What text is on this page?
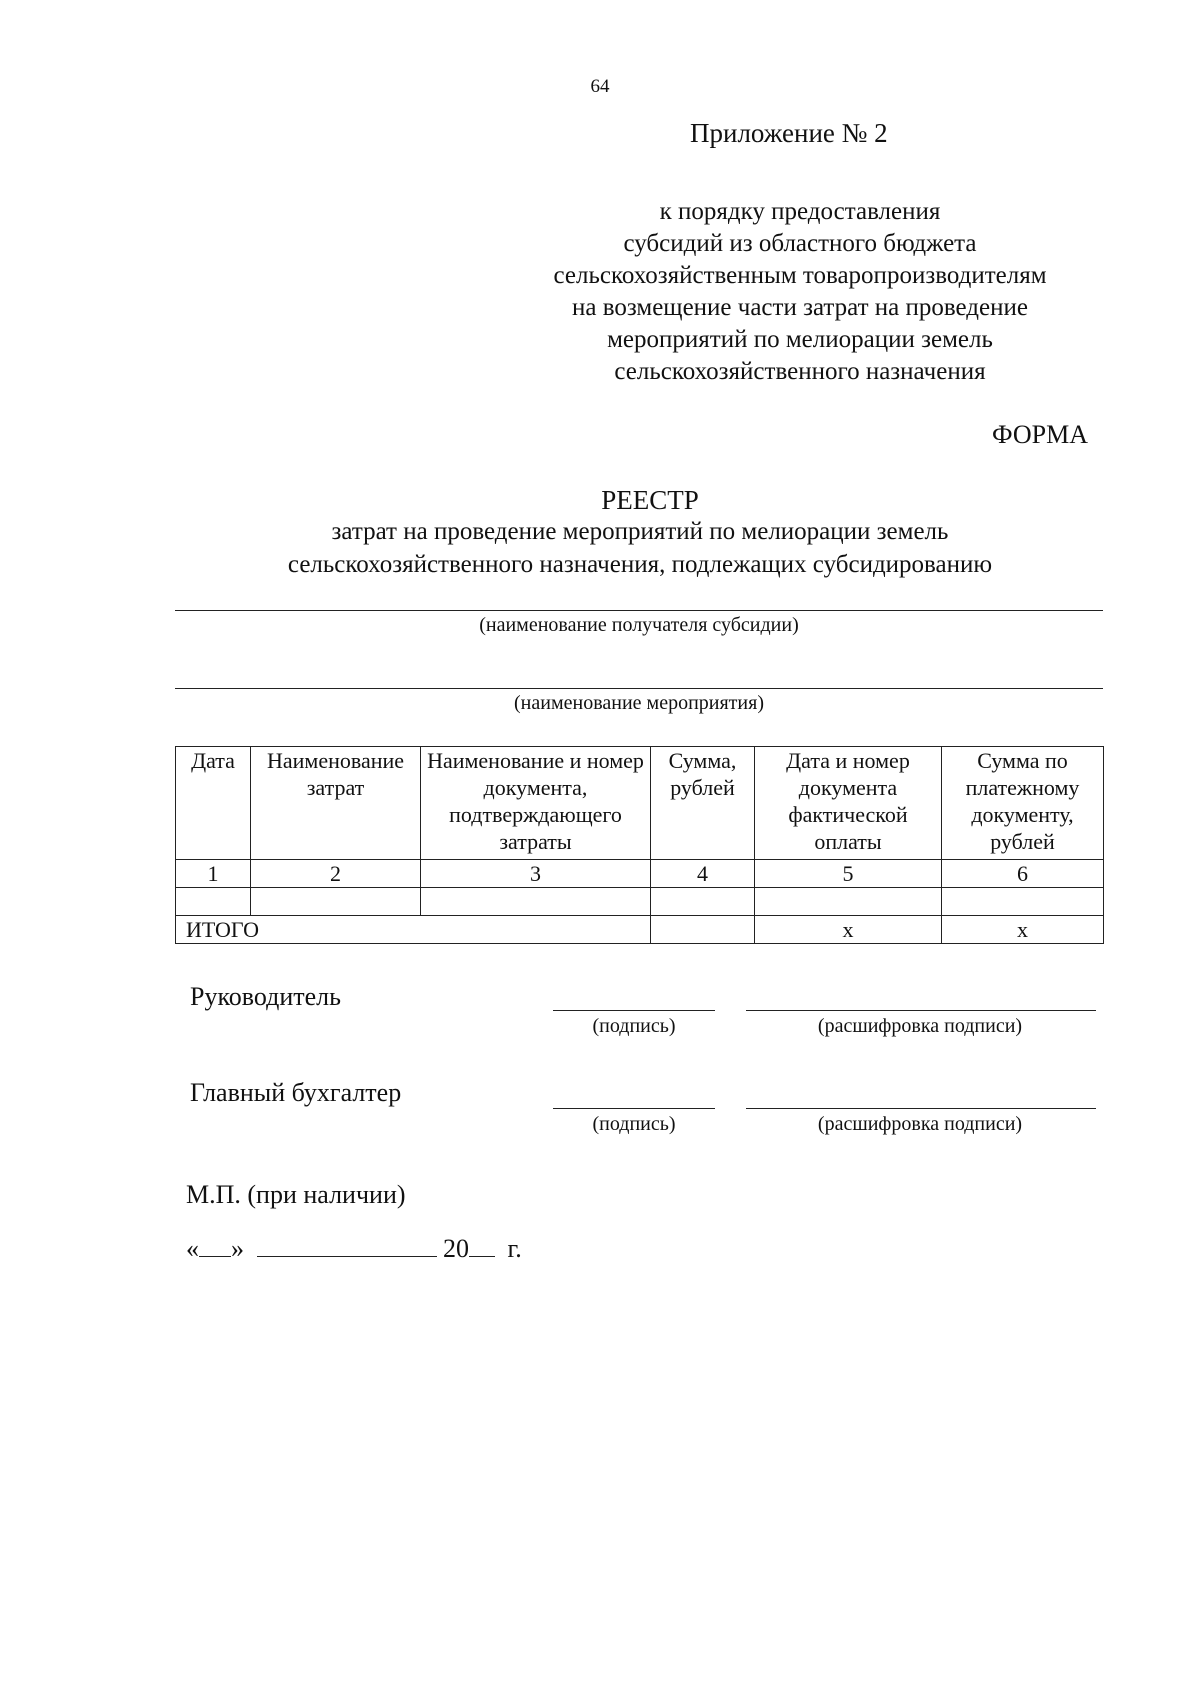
64
Приложение № 2
к порядку предоставления
субсидий из областного бюджета
сельскохозяйственным товаропроизводителям
на возмещение части затрат на проведение
мероприятий по мелиорации земель
сельскохозяйственного назначения
ФОРМА
РЕЕСТР
затрат на проведение мероприятий по мелиорации земель
сельскохозяйственного назначения, подлежащих субсидированию
(наименование получателя субсидии)
(наименование мероприятия)
Дата	Наименование затрат	Наименование и номер документа, подтверждающего затраты	Сумма, рублей	Дата и номер документа фактической оплаты	Сумма по платежному документу, рублей
1	2	3	4	5	6

ИТОГО				х	х
Руководитель
(подпись)	(расшифровка подписи)
Главный бухгалтер
(подпись)	(расшифровка подписи)
М.П. (при наличии)
« »	20 г.
